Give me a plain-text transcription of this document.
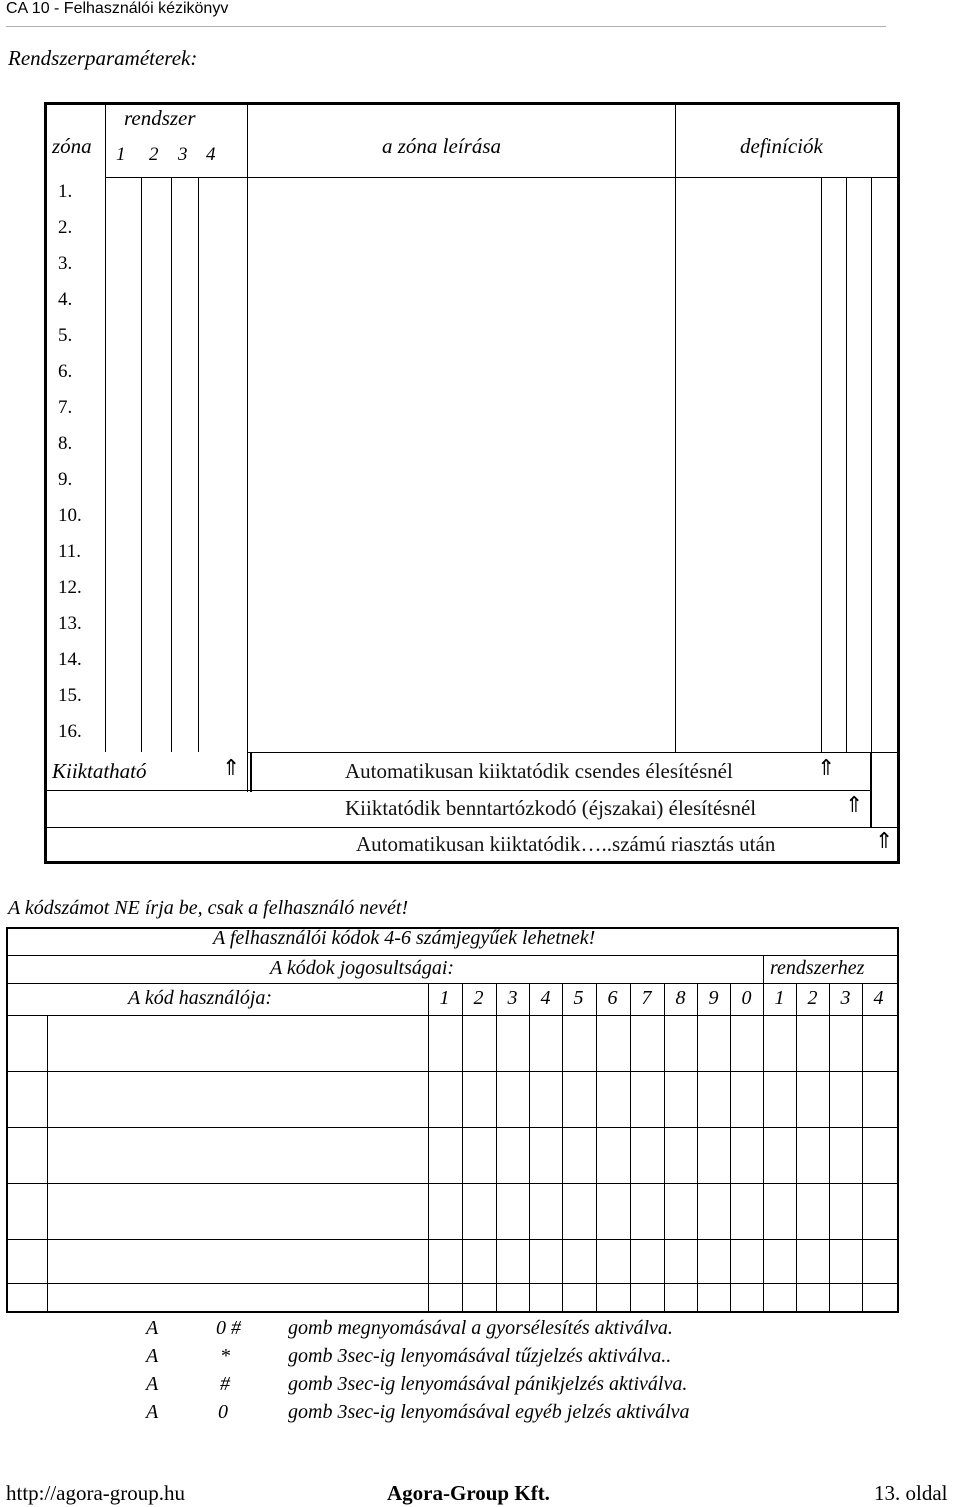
CA 10 - Felhasználói kézikönyv
Rendszerparaméterek:
zóna
rendszer
1 2 3 4	a zóna leírása	definíciók
1.
2.
3.
4.
5.
6.
7.
8.
9.
10.
11.
12.
13.
14.
15.
16.
Kiiktatható	⇑	Automatikusan kiiktatódik csendes élesítésnél	⇑
Kiiktatódik benntartózkodó (éjszakai) élesítésnél	⇑
Automatikusan kiiktatódik…..számú riasztás után	⇑
A kódszámot NE írja be, csak a felhasználó nevét!
A felhasználói kódok 4-6 számjegyűek lehetnek!
A kódok jogosultságai:	rendszerhez
A kód használója:	1	2	3	4	5	6	7	8	9	0	1	2	3	4
A	0 # gomb megnyomásával a gyorsélesítés aktiválva.
A	*	gomb 3sec-ig lenyomásával tűzjelzés aktiválva..
A	#	gomb 3sec-ig lenyomásával pánikjelzés aktiválva.
A	0	gomb 3sec-ig lenyomásával egyéb jelzés aktiválva
http://agora-group.hu	Agora-Group Kft.	13. oldal
